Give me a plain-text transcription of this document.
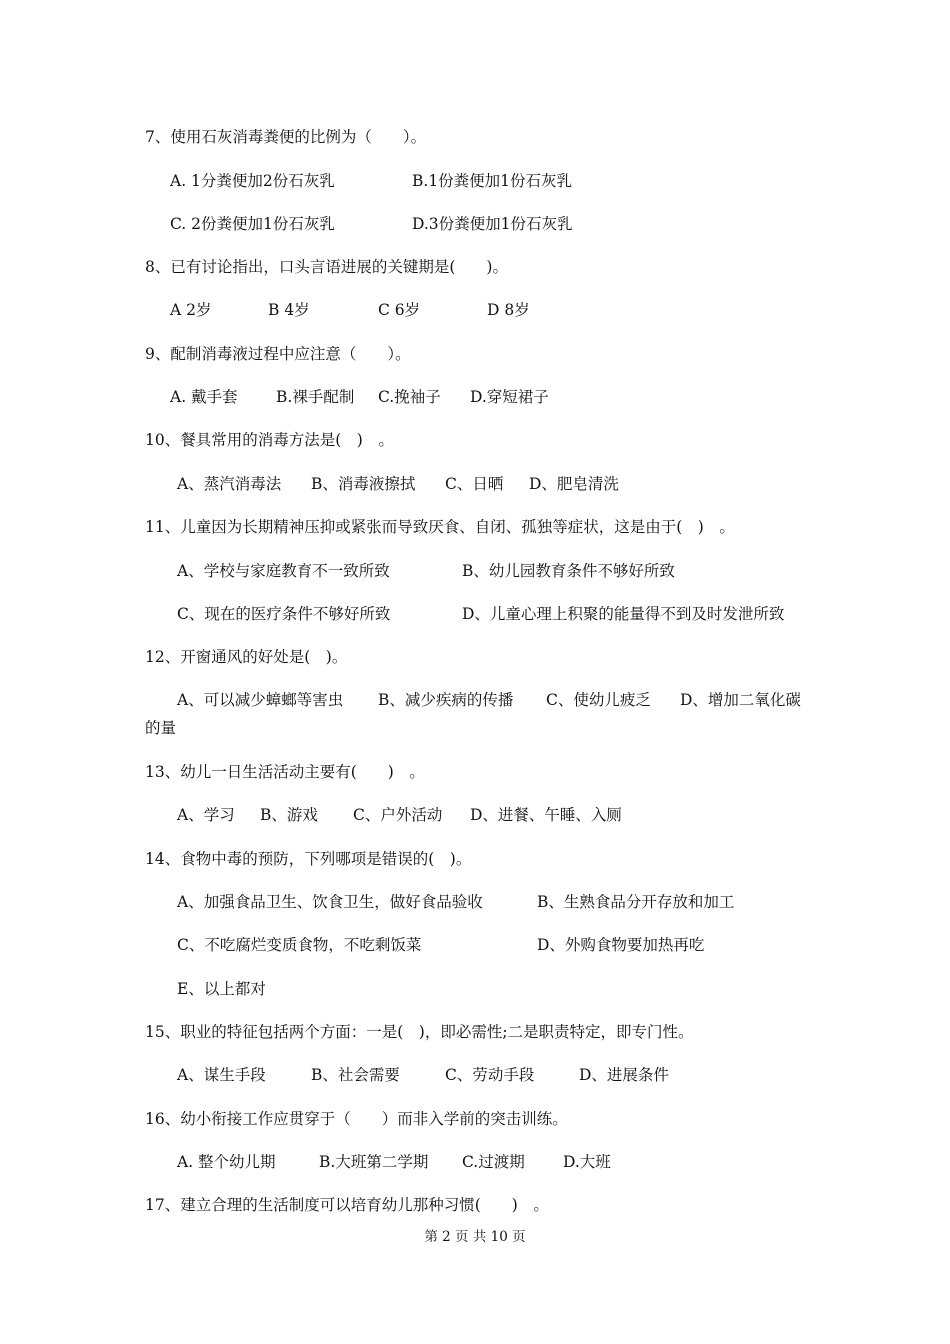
7、使用石灰消毒粪便的比例为（　　）。
A. 1分粪便加2份石灰乳	B.1份粪便加1份石灰乳
C. 2份粪便加1份石灰乳	D.3份粪便加1份石灰乳
8、已有讨论指出，口头言语进展的关键期是(　　)。
A 2岁	B 4岁	C 6岁	D 8岁
9、配制消毒液过程中应注意（　　）。
A. 戴手套 B.裸手配制 C.挽袖子 D.穿短裙子
10、餐具常用的消毒方法是(　)　。
A、蒸汽消毒法 B、消毒液擦拭 C、日晒 D、肥皂清洗
11、儿童因为长期精神压抑或紧张而导致厌食、自闭、孤独等症状，这是由于(　)　。
A、学校与家庭教育不一致所致	B、幼儿园教育条件不够好所致
C、现在的医疗条件不够好所致	D、儿童心理上积聚的能量得不到及时发泄所致
12、开窗通风的好处是(　)。
A、可以减少蟑螂等害虫 B、减少疾病的传播 C、使幼儿疲乏 D、增加二氧化碳
的量
13、幼儿一日生活活动主要有(　　)　。
A、学习 B、游戏 C、户外活动 D、进餐、午睡、入厕
14、食物中毒的预防，下列哪项是错误的(　)。
A、加强食品卫生、饮食卫生，做好食品验收	B、生熟食品分开存放和加工
C、不吃腐烂变质食物，不吃剩饭菜	D、外购食物要加热再吃
E、以上都对
15、职业的特征包括两个方面：一是(　)，即必需性;二是职责特定，即专门性。
A、谋生手段	B、社会需要	C、劳动手段	D、进展条件
16、幼小衔接工作应贯穿于（　　）而非入学前的突击训练。
A. 整个幼儿期	B.大班第二学期 C.过渡期 D.大班
17、建立合理的生活制度可以培育幼儿那种习惯(　　)　。
第 2 页 共 10 页
